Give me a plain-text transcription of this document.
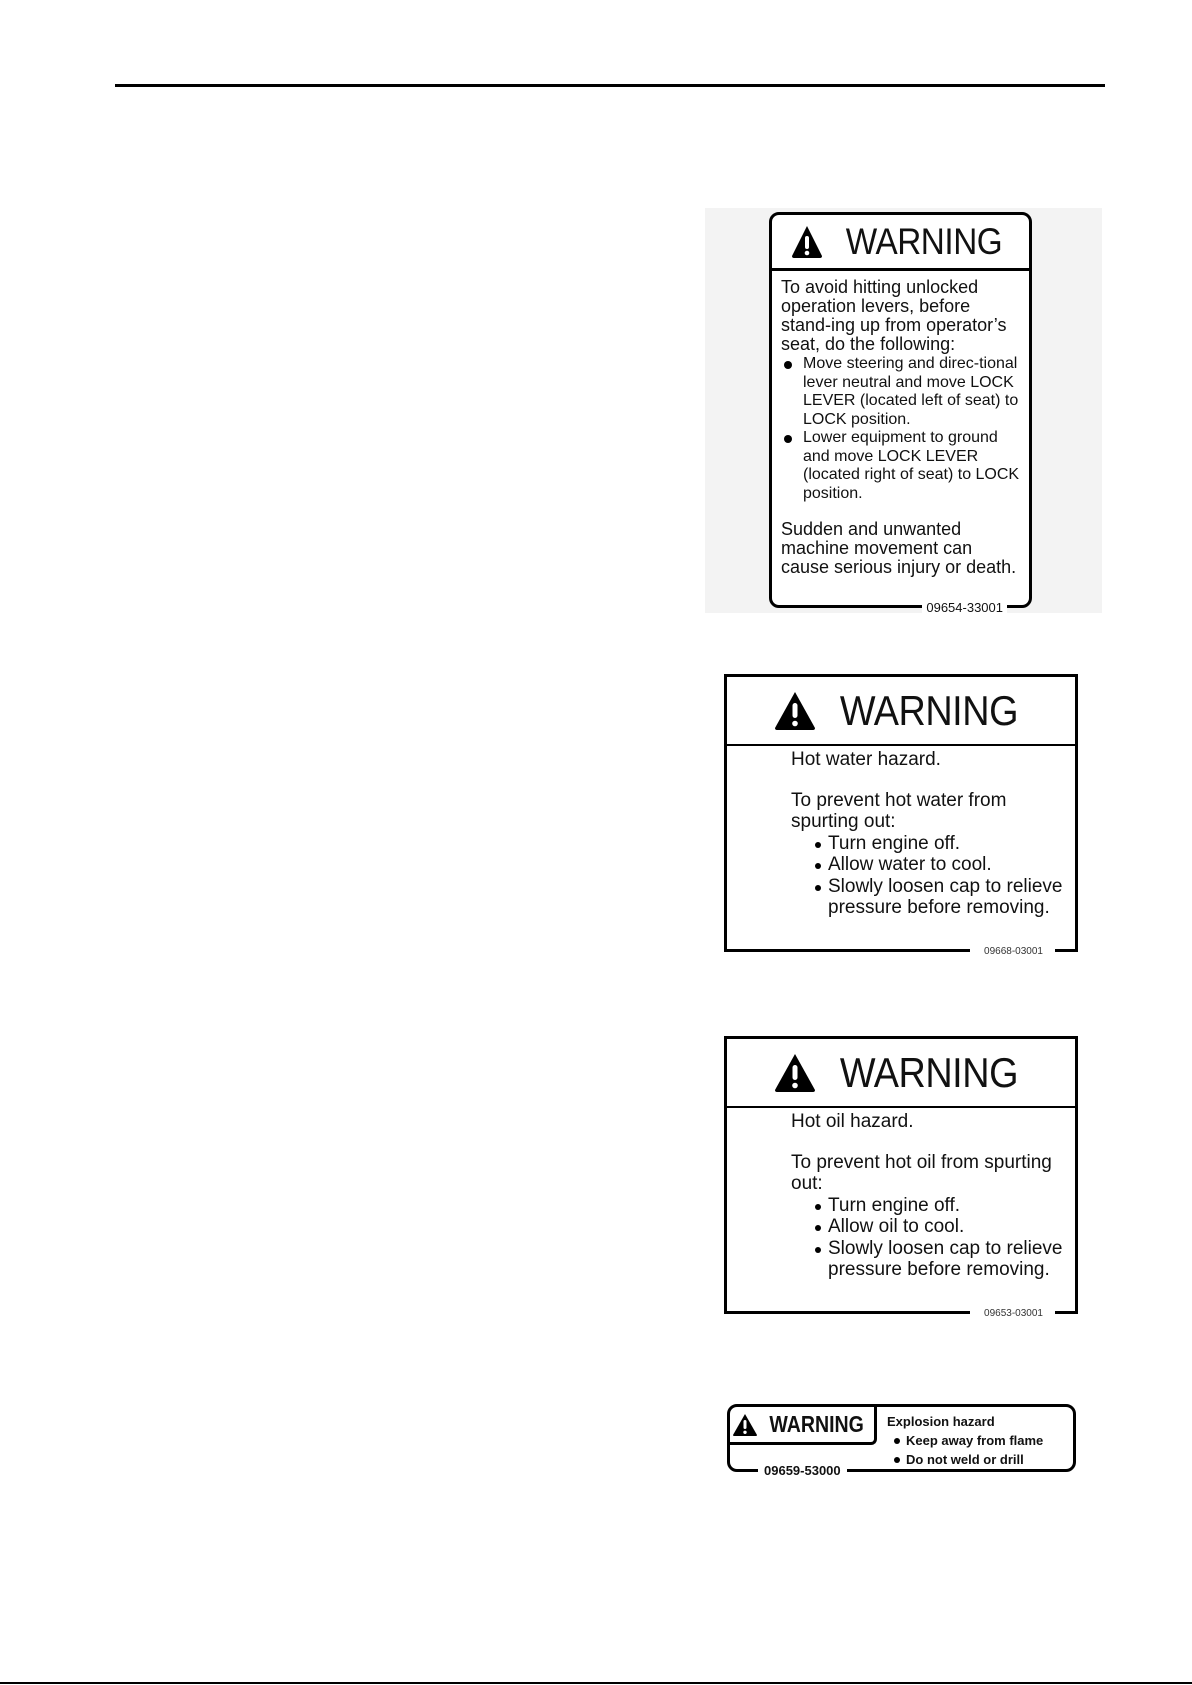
WARNING
To avoid hitting unlocked operation levers, before stand-ing up from operator’s seat, do the following:
Move steering and direc-tional lever neutral and move LOCK LEVER (located left of seat) to LOCK position.
Lower equipment to ground and move LOCK LEVER (located right of seat) to LOCK position.
Sudden and unwanted machine movement can cause serious injury or death.
09654-33001
WARNING
Hot water hazard.
To prevent hot water from spurting out:
Turn engine off.
Allow water to cool.
Slowly loosen cap to relieve pressure before removing.
09668-03001
WARNING
Hot oil hazard.
To prevent hot oil from spurting out:
Turn engine off.
Allow oil to cool.
Slowly loosen cap to relieve pressure before removing.
09653-03001
WARNING Explosion hazard
Keep away from flame
Do not weld or drill
09659-53000
